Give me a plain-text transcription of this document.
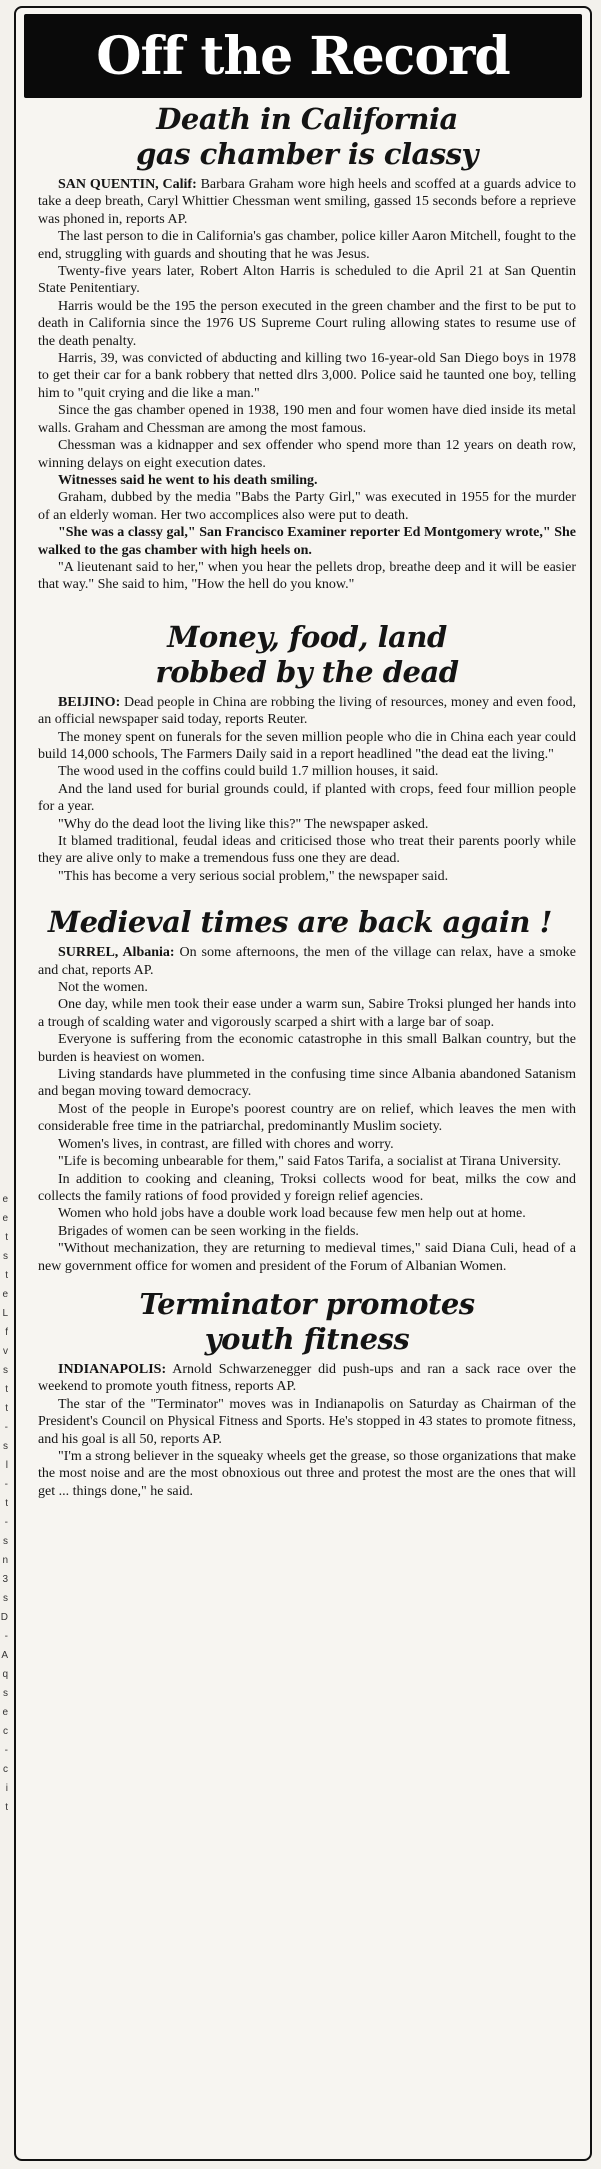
e
e
t
s
t
e
L
f
v
s
t
t
-
s
l
-
t
-
s
n
3
s
D
-
A
q
s
e
c
-
c
i
t
Off the Record
Death in California
gas chamber is classy

SAN QUENTIN, Calif: Barbara Graham wore high heels and scoffed at a guards advice to take a deep breath, Caryl Whittier Chessman went smiling, gassed 15 seconds before a reprieve was phoned in, reports AP.

The last person to die in California's gas chamber, police killer Aaron Mitchell, fought to the end, struggling with guards and shouting that he was Jesus.

Twenty-five years later, Robert Alton Harris is scheduled to die April 21 at San Quentin State Penitentiary.

Harris would be the 195 the person executed in the green chamber and the first to be put to death in California since the 1976 US Supreme Court ruling allowing states to resume use of the death penalty.

Harris, 39, was convicted of abducting and killing two 16-year-old San Diego boys in 1978 to get their car for a bank robbery that netted dlrs 3,000. Police said he taunted one boy, telling him to "quit crying and die like a man."

Since the gas chamber opened in 1938, 190 men and four women have died inside its metal walls. Graham and Chessman are among the most famous.

Chessman was a kidnapper and sex offender who spend more than 12 years on death row, winning delays on eight execution dates.

Witnesses said he went to his death smiling.

Graham, dubbed by the media "Babs the Party Girl," was executed in 1955 for the murder of an elderly woman. Her two accomplices also were put to death.

"She was a classy gal," San Francisco Examiner reporter Ed Montgomery wrote," She walked to the gas chamber with high heels on.

"A lieutenant said to her," when you hear the pellets drop, breathe deep and it will be easier that way." She said to him, "How the hell do you know."

Money, food, land
robbed by the dead

BEIJINO: Dead people in China are robbing the living of resources, money and even food, an official newspaper said today, reports Reuter.

The money spent on funerals for the seven million people who die in China each year could build 14,000 schools, The Farmers Daily said in a report headlined "the dead eat the living."

The wood used in the coffins could build 1.7 million houses, it said.

And the land used for burial grounds could, if planted with crops, feed four million people for a year.

"Why do the dead loot the living like this?" The newspaper asked.

It blamed traditional, feudal ideas and criticised those who treat their parents poorly while they are alive only to make a tremendous fuss one they are dead.

"This has become a very serious social problem," the newspaper said.

Medieval times are back again !

SURREL, Albania: On some afternoons, the men of the village can relax, have a smoke and chat, reports AP.

Not the women.

One day, while men took their ease under a warm sun, Sabire Troksi plunged her hands into a trough of scalding water and vigorously scarped a shirt with a large bar of soap.

Everyone is suffering from the economic catastrophe in this small Balkan country, but the burden is heaviest on women.

Living standards have plummeted in the confusing time since Albania abandoned Satanism and began moving toward democracy.

Most of the people in Europe's poorest country are on relief, which leaves the men with considerable free time in the patriarchal, predominantly Muslim society.

Women's lives, in contrast, are filled with chores and worry.

"Life is becoming unbearable for them," said Fatos Tarifa, a socialist at Tirana University.

In addition to cooking and cleaning, Troksi collects wood for beat, milks the cow and collects the family rations of food provided y foreign relief agencies.

Women who hold jobs have a double work load because few men help out at home.

Brigades of women can be seen working in the fields.

"Without mechanization, they are returning to medieval times," said Diana Culi, head of a new government office for women and president of the Forum of Albanian Women.

Terminator promotes
youth fitness

INDIANAPOLIS: Arnold Schwarzenegger did push-ups and ran a sack race over the weekend to promote youth fitness, reports AP.

The star of the "Terminator" moves was in Indianapolis on Saturday as Chairman of the President's Council on Physical Fitness and Sports. He's stopped in 43 states to promote fitness, and his goal is all 50, reports AP.

"I'm a strong believer in the squeaky wheels get the grease, so those organizations that make the most noise and are the most obnoxious out three and protest the most are the ones that will get ... things done," he said.
